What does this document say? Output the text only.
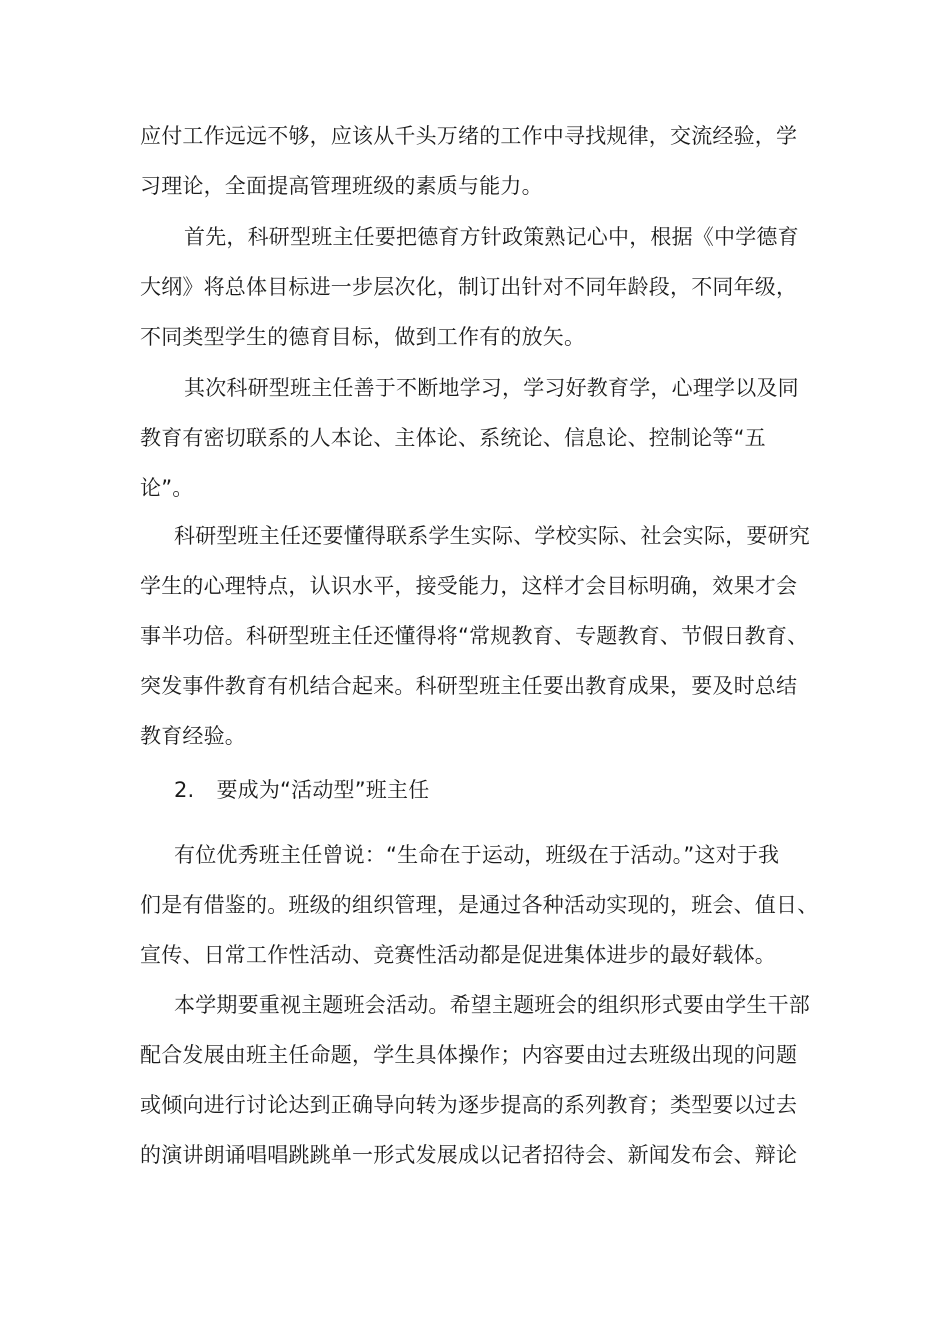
应付工作远远不够，应该从千头万绪的工作中寻找规律，交流经验，学
习理论，全面提高管理班级的素质与能力。
首先，科研型班主任要把德育方针政策熟记心中，根据《中学德育
大纲》将总体目标进一步层次化，制订出针对不同年龄段，不同年级，
不同类型学生的德育目标，做到工作有的放矢。
其次科研型班主任善于不断地学习，学习好教育学，心理学以及同
教育有密切联系的人本论、主体论、系统论、信息论、控制论等“五
论”。
科研型班主任还要懂得联系学生实际、学校实际、社会实际，要研究
学生的心理特点，认识水平，接受能力，这样才会目标明确，效果才会
事半功倍。科研型班主任还懂得将“常规教育、专题教育、节假日教育、
突发事件教育有机结合起来。科研型班主任要出教育成果，要及时总结
教育经验。
2. 要成为“活动型”班主任
有位优秀班主任曾说：“生命在于运动，班级在于活动。”这对于我
们是有借鉴的。班级的组织管理，是通过各种活动实现的，班会、值日、
宣传、日常工作性活动、竞赛性活动都是促进集体进步的最好载体。
本学期要重视主题班会活动。希望主题班会的组织形式要由学生干部
配合发展由班主任命题，学生具体操作；内容要由过去班级出现的问题
或倾向进行讨论达到正确导向转为逐步提高的系列教育；类型要以过去
的演讲朗诵唱唱跳跳单一形式发展成以记者招待会、新闻发布会、辩论
